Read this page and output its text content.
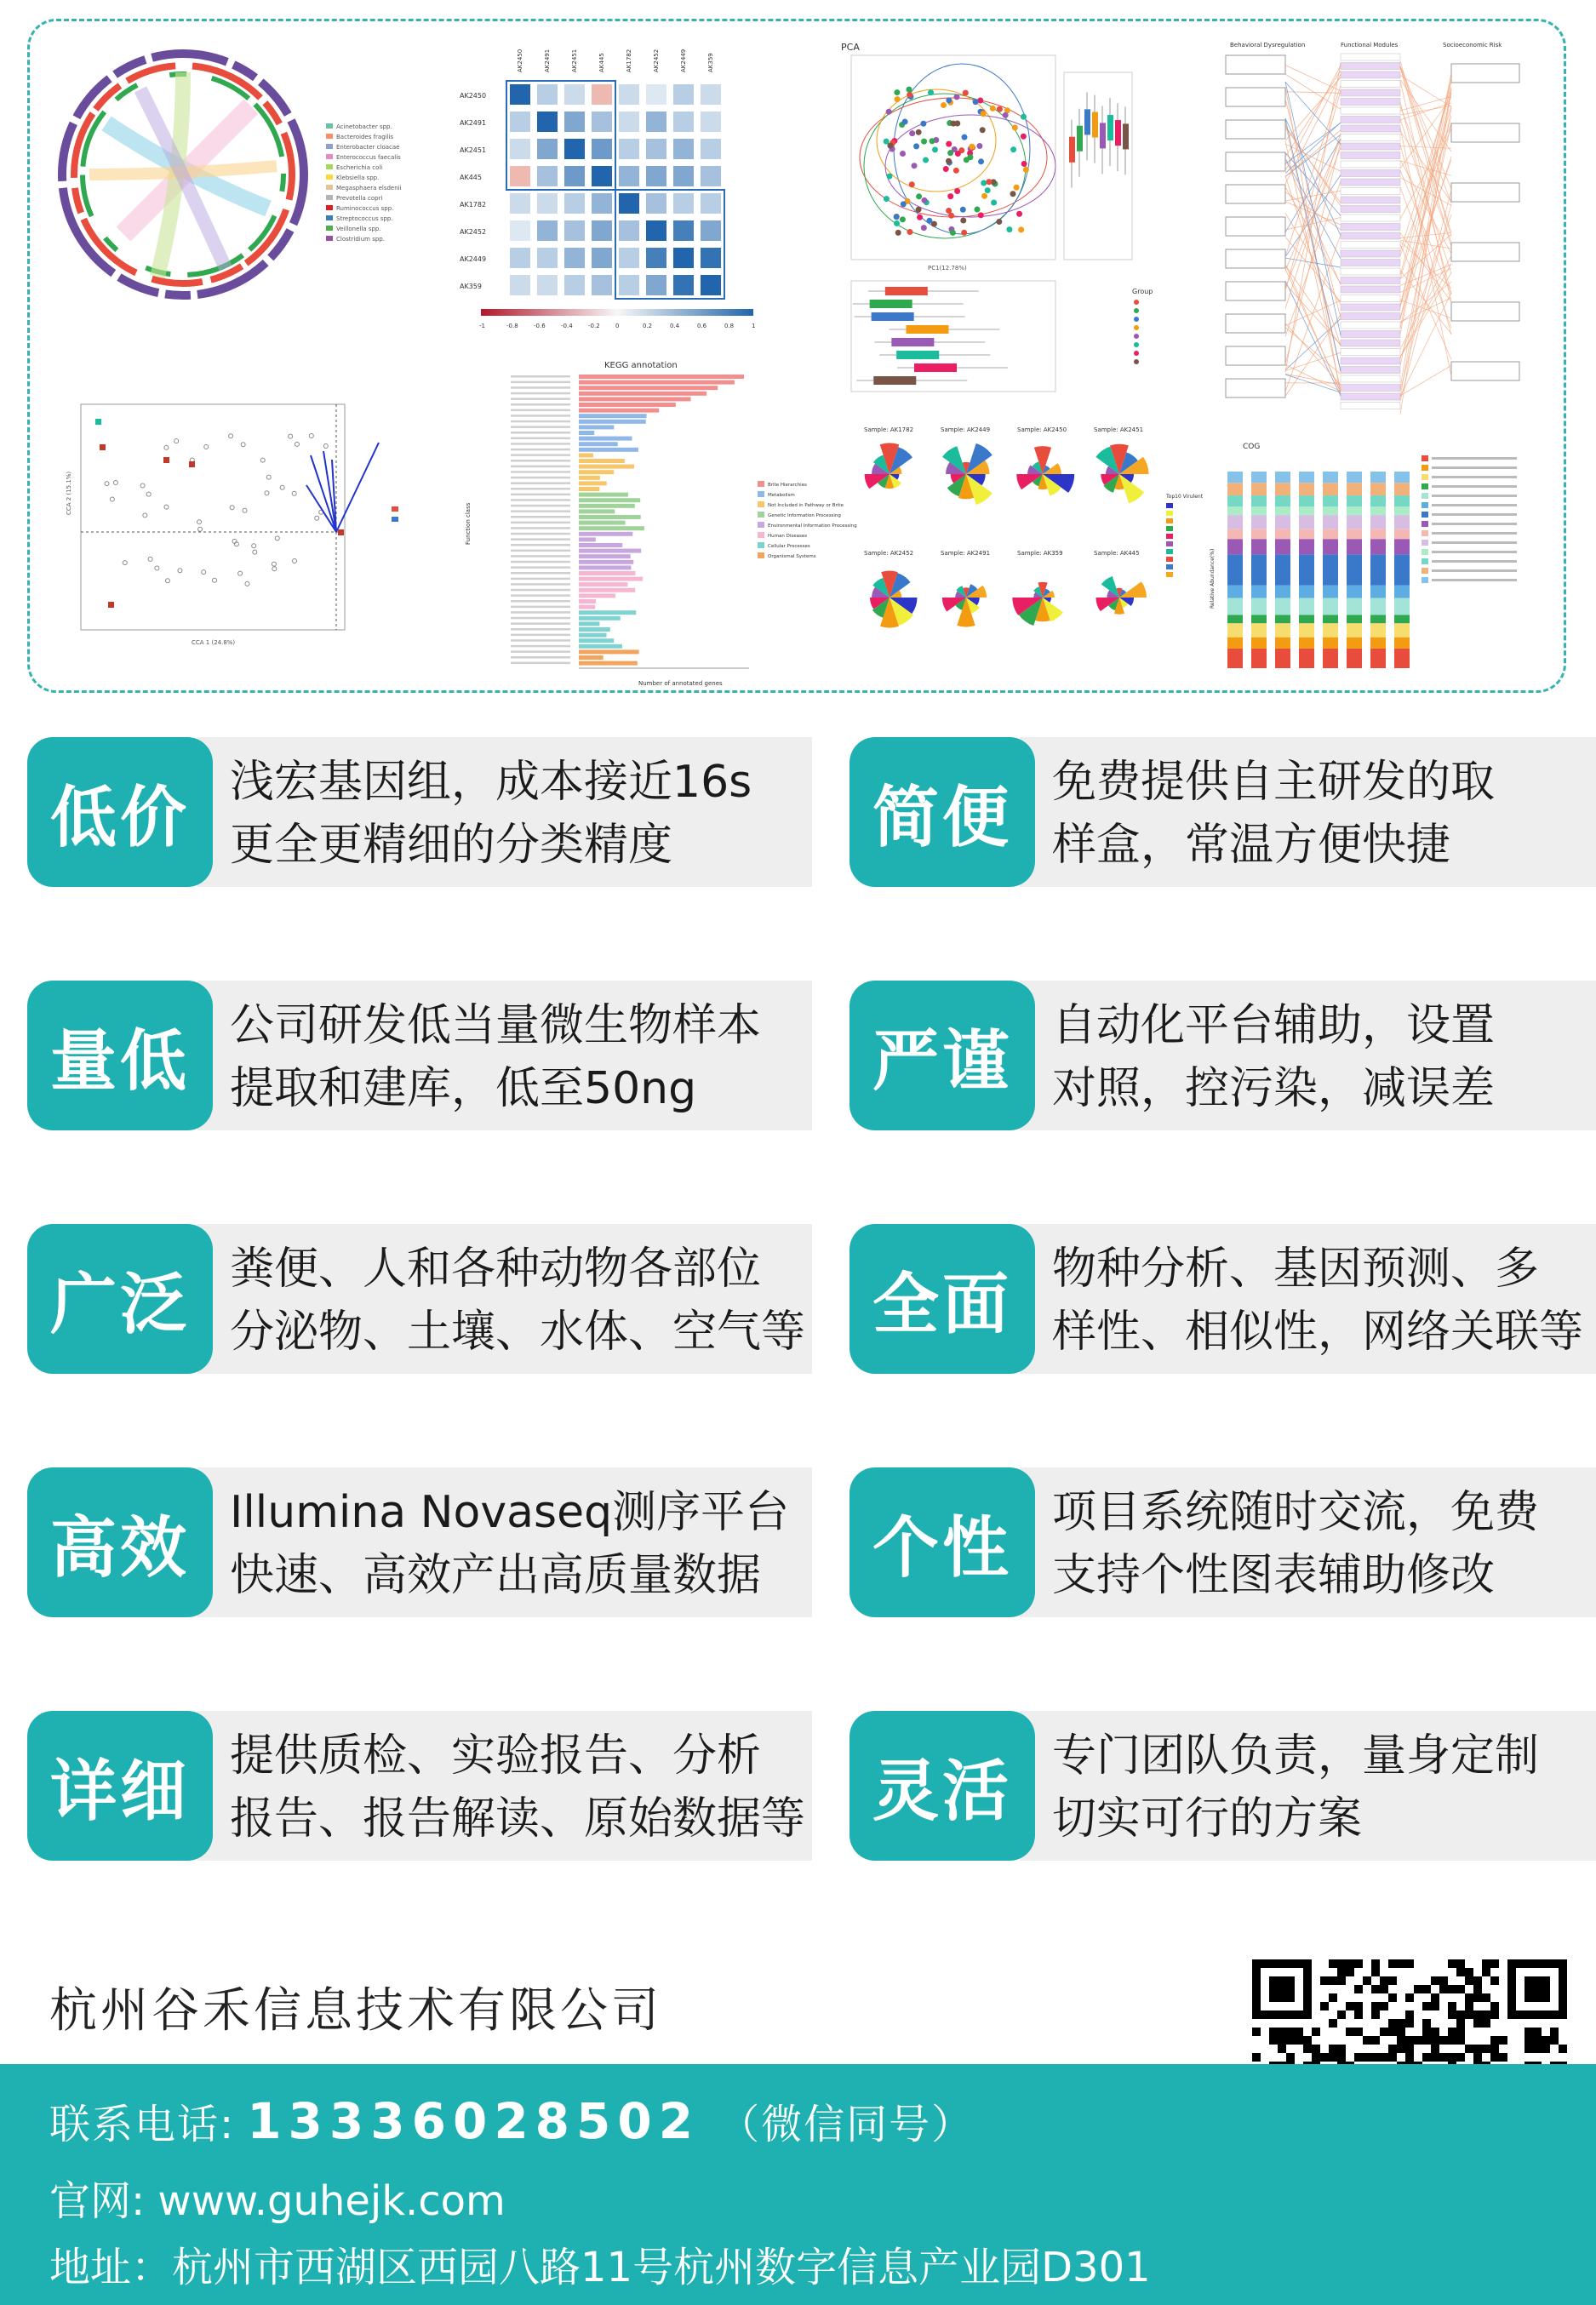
Acinetobacter spp.
Bacteroides fragilis
Enterobacter cloacae
Enterococcus faecalis
Escherichia coli
Klebsiella spp.
Megasphaera elsdenii
Prevotella copri
Ruminococcus spp.
Streptococcus spp.
Veillonella spp.
Clostridium spp.
AK2450
AK2450
AK2491
AK2491
AK2451
AK2451
AK445
AK445
AK1782
AK1782
AK2452
AK2452
AK2449
AK2449
AK359
AK359
-1	-0.8	-0.6	-0.4	-0.2	0	0.2	0.4	0.6	0.8	1
PCA
PC1(12.78%)
Group
Behavioral Dysregulation	Functional Modules	Socioeconomic Risk
CCA 1 (24.8%)
CCA 2 (15.1%)
KEGG annotation
Number of annotated genes
Function class
Brite Hierarchies
Metabolism
Not Included in Pathway or Brite
Genetic Information Processing
Environmental Information Processing
Human Diseases
Cellular Processes
Organismal Systems
Sample: AK1782	Sample: AK2449	Sample: AK2450	Sample: AK2451
Sample: AK2452	Sample: AK2491	Sample: AK359	Sample: AK445
Top10 Virulent
COG
Relative Abundance(%)
低价 浅宏基因组，成本接近16s
更全更精细的分类精度	简便 免费提供自主研发的取
样盒，常温方便快捷
量低 公司研发低当量微生物样本
提取和建库，低至50ng	严谨 自动化平台辅助，设置
对照，控污染，减误差
广泛 粪便、人和各种动物各部位
分泌物、土壤、水体、空气等	全面 物种分析、基因预测、多
样性、相似性，网络关联等
高效 Illumina Novaseq测序平台
快速、高效产出高质量数据	个性 项目系统随时交流，免费
支持个性图表辅助修改
详细 提供质检、实验报告、分析
报告、报告解读、原始数据等	灵活 专门团队负责，量身定制
切实可行的方案
杭州谷禾信息技术有限公司
联系电话: 13336028502 （微信同号）
官网: www.guhejk.com
地址：杭州市西湖区西园八路11号杭州数字信息产业园D301
